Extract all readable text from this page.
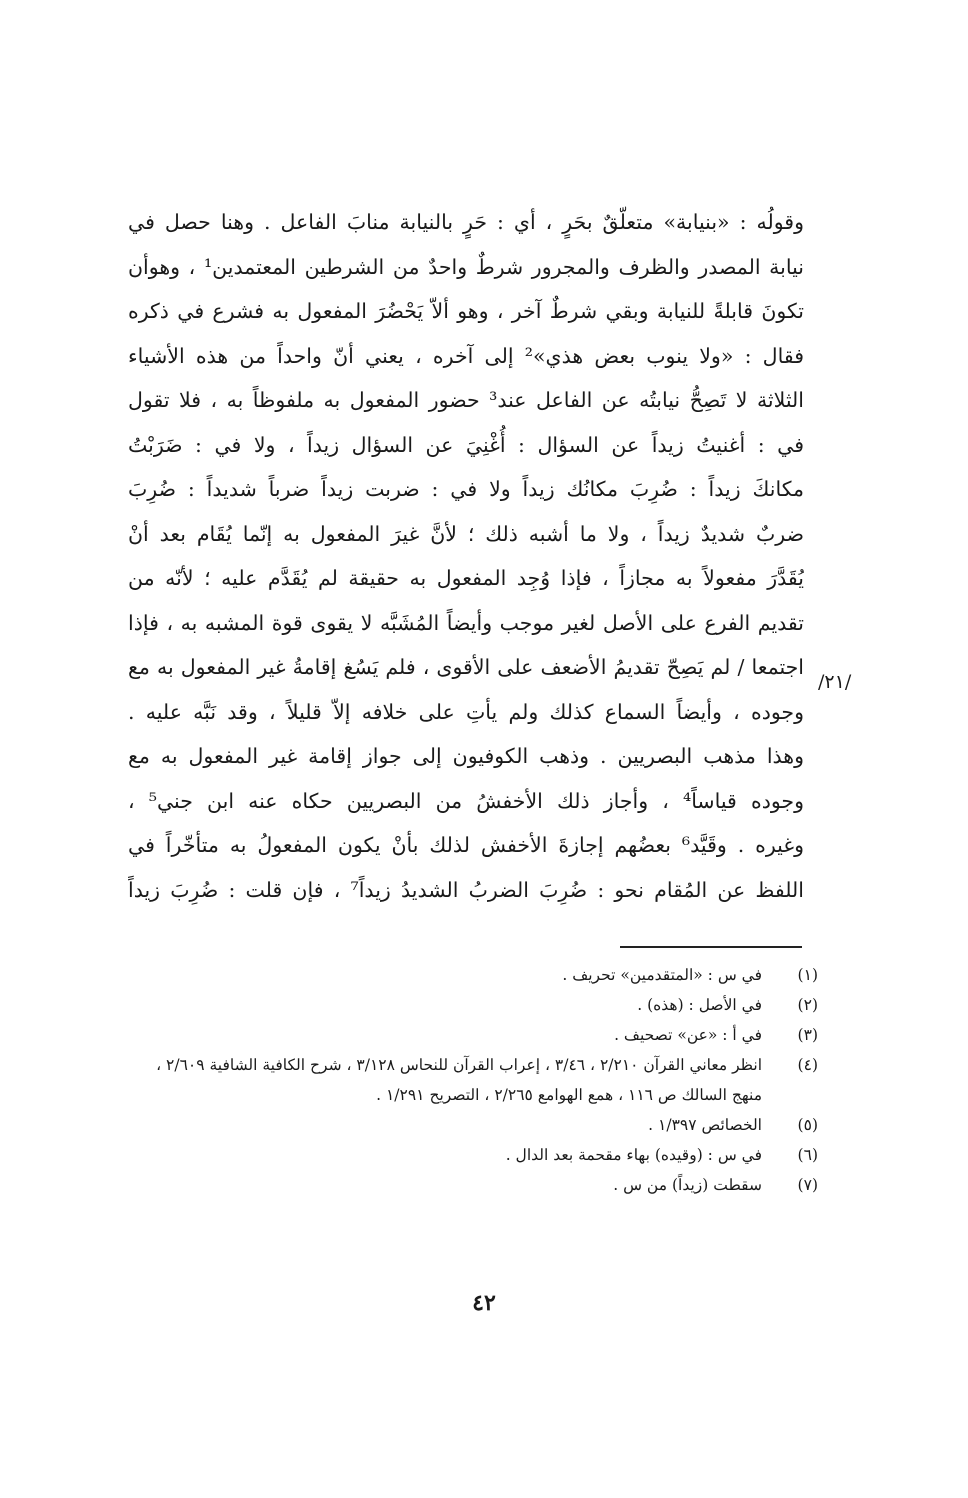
وقولُه : «بنيابة» متعلّقٌ بحَرٍ ، أي : حَرٍ بالنيابة منابَ الفاعل . وهنا حصل في
نيابة المصدر والظرف والمجرور شرطٌ واحدٌ من الشرطين المعتمدين¹ ، وهوأن
تكونَ قابلةً للنيابة وبقي شرطٌ آخر ، وهو ألاّ يَحْضُرَ المفعول به فشرع في ذكره
فقال : «ولا ينوب بعض هذي»² إلى آخره ، يعني أنّ واحداً من هذه الأشياء
الثلاثة لا تَصِحُّ نيابتُه عن الفاعل عند³ حضور المفعول به ملفوظاً به ، فلا تقول
في : أغنيتُ زيداً عن السؤال : أُغْنِيَ عن السؤال زيداً ، ولا في : ضَرَبْتُ
مكانكَ زيداً : ضُرِبَ مكانُك زيداً ولا في : ضربت زيداً ضرباً شديداً : ضُرِبَ
ضربٌ شديدٌ زيداً ، ولا ما أشبه ذلك ؛ لأنَّ غيرَ المفعول به إنّما يُقَام بعد أنْ
يُقَدَّرَ مفعولاً به مجازاً ، فإذا وُجِد المفعول به حقيقة لم يُقَدَّم عليه ؛ لأنّه من
تقديم الفرع على الأصل لغير موجب وأيضاً المُشَبَّه لا يقوى قوة المشبه به ، فإذا
اجتمعا / لم يَصِحّ تقديمُ الأضعف على الأقوى ، فلم يَسُغ إقامةُ غير المفعول به مع
وجوده ، وأيضاً السماع كذلك ولم يأتِ على خلافه إلاّ قليلاً ، وقد نَبَّه عليه .
وهذا مذهب البصريين . وذهب الكوفيون إلى جواز إقامة غير المفعول به مع
وجوده قياساً⁴ ، وأجاز ذلك الأخفشُ من البصريين حكاه عنه ابن جني⁵ ،
وغيره . وقَيَّد⁶ بعضُهم إجازةَ الأخفش لذلك بأنْ يكون المفعولُ به متأخّراً في
اللفظ عن المُقام نحو : ضُرِبَ الضربُ الشديدُ زيداً⁷ ، فإن قلت : ضُرِبَ زيداً
/٢١/
(١)
في س : «المتقدمين» تحريف .
(٢)
في الأصل : (هذه) .
(٣)
في أ : «عن» تصحيف .
(٤)
انظر معاني القرآن ٢/٢١٠ ، ٣/٤٦ ، إعراب القرآن للنحاس ٣/١٢٨ ، شرح الكافية الشافية ٢/٦٠٩ ، منهج السالك ص ١١٦ ، همع الهوامع ٢/٢٦٥ ، التصريح ١/٢٩١ .
(٥)
الخصائص ١/٣٩٧ .
(٦)
في س : (وقيده) بهاء مقحمة بعد الدال .
(٧)
سقطت (زيداً) من س .
٤٢
